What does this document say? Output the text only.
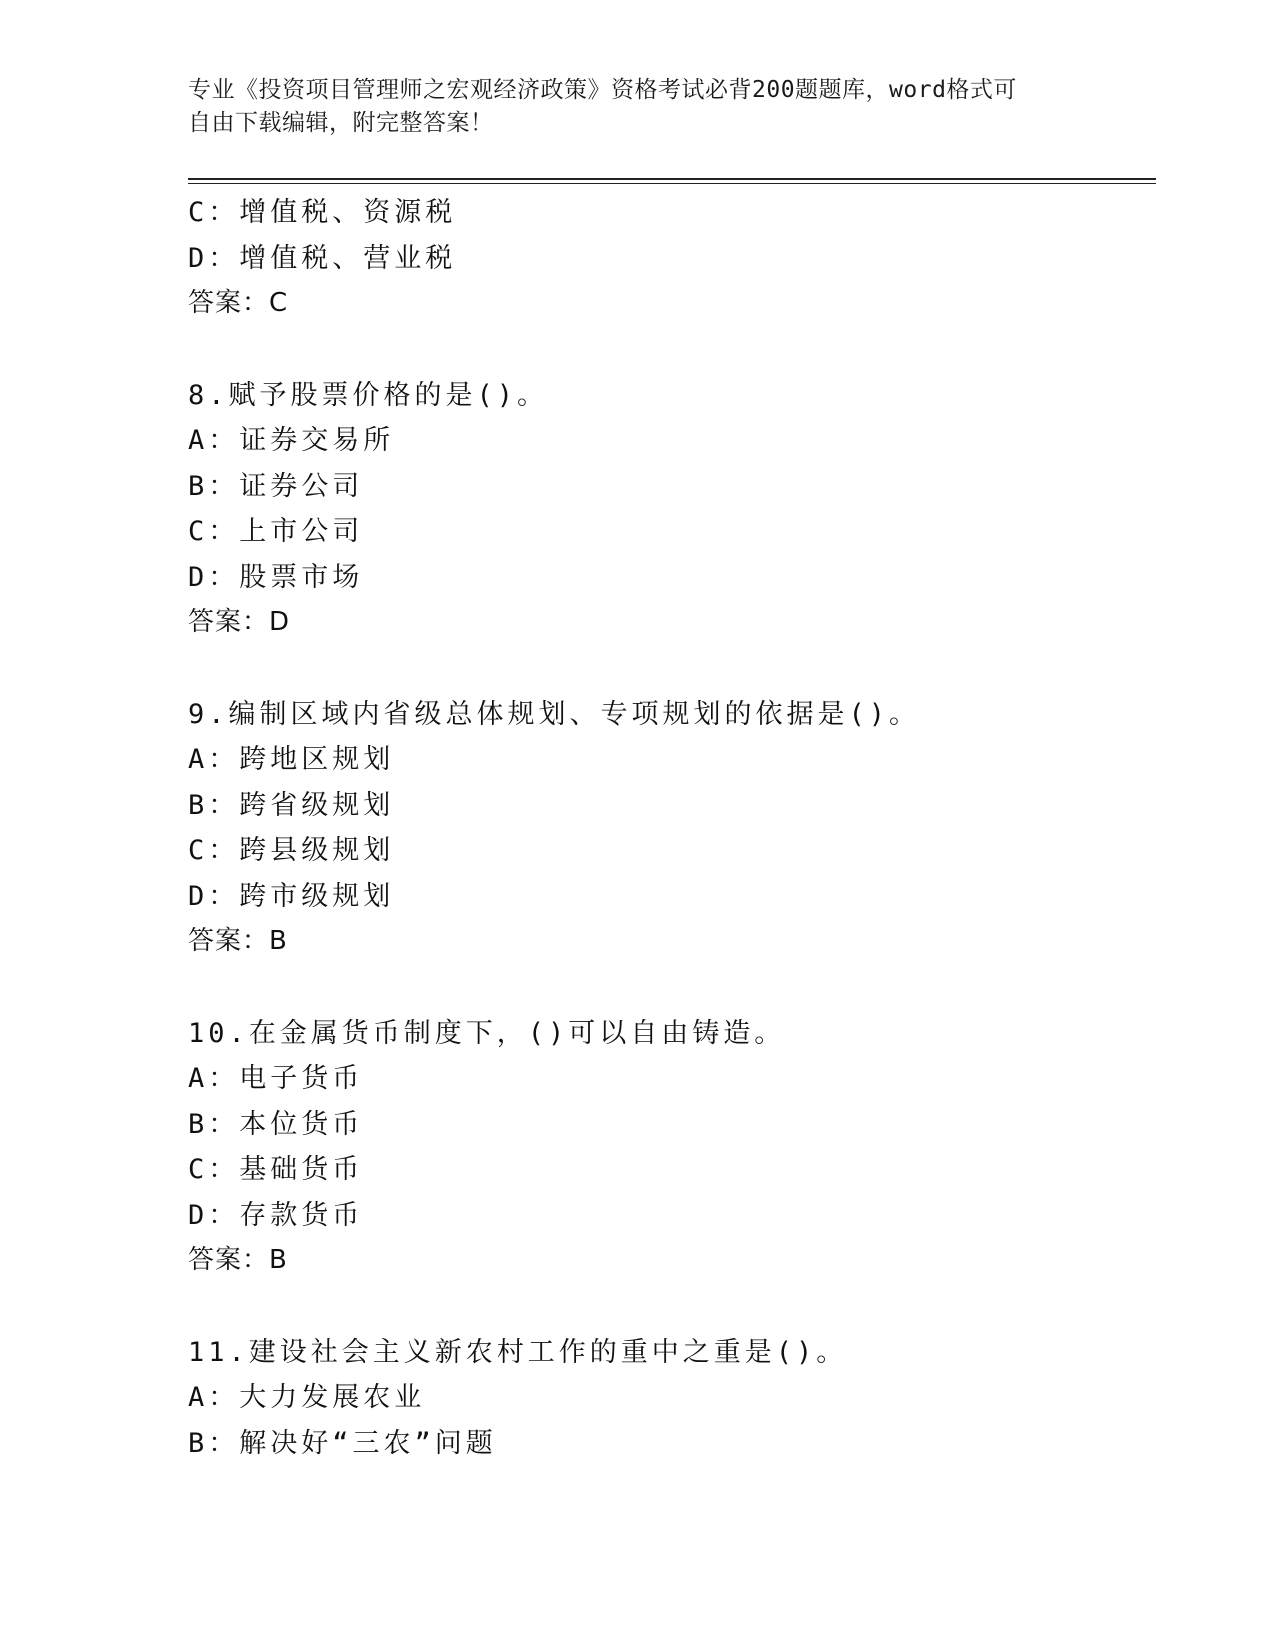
专业《投资项目管理师之宏观经济政策》资格考试必背200题题库，word格式可
自由下载编辑，附完整答案！
C：增值税、资源税
D：增值税、营业税
答案：C
8.赋予股票价格的是()。
A：证券交易所
B：证券公司
C：上市公司
D：股票市场
答案：D
9.编制区域内省级总体规划、专项规划的依据是()。
A：跨地区规划
B：跨省级规划
C：跨县级规划
D：跨市级规划
答案：B
10.在金属货币制度下，()可以自由铸造。
A：电子货币
B：本位货币
C：基础货币
D：存款货币
答案：B
11.建设社会主义新农村工作的重中之重是()。
A：大力发展农业
B：解决好“三农”问题
